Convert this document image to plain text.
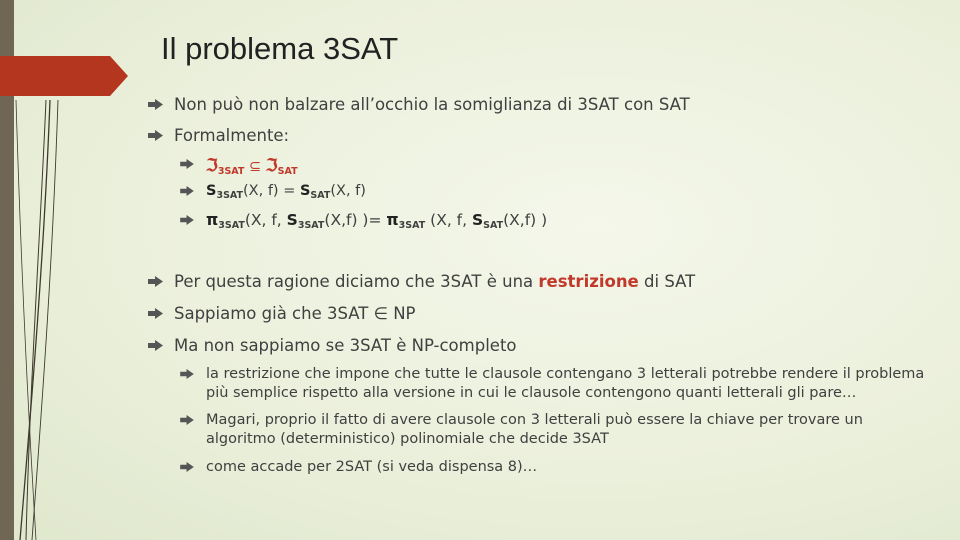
Il problema 3SAT
Non può non balzare all’occhio la somiglianza di 3SAT con SAT
Formalmente:
ℑ$_{3SAT}$ ⊆ ℑ$_{SAT}$
$S_{3SAT}(X$, $f) = S_{SAT}(X$, f)
$\pi_{3SAT}(X$, f, $S_{3SAT}(X,f)$ )= $\pi_{3SAT}$ (X, f, $S_{SAT}(X,f)$ )
Per questa ragione diciamo che 3SAT è una restrizione di SAT
Sappiamo già che 3SAT ∈ NP
Ma non sappiamo se 3SAT è NP-completo
la restrizione che impone che tutte le clausole contengano 3 letterali potrebbe rendere il problema più semplice rispetto alla versione in cui le clausole contengono quanti letterali gli pare…
Magari, proprio il fatto di avere clausole con 3 letterali può essere la chiave per trovare un algoritmo (deterministico) polinomiale che decide 3SAT
come accade per 2SAT (si veda dispensa 8)…
